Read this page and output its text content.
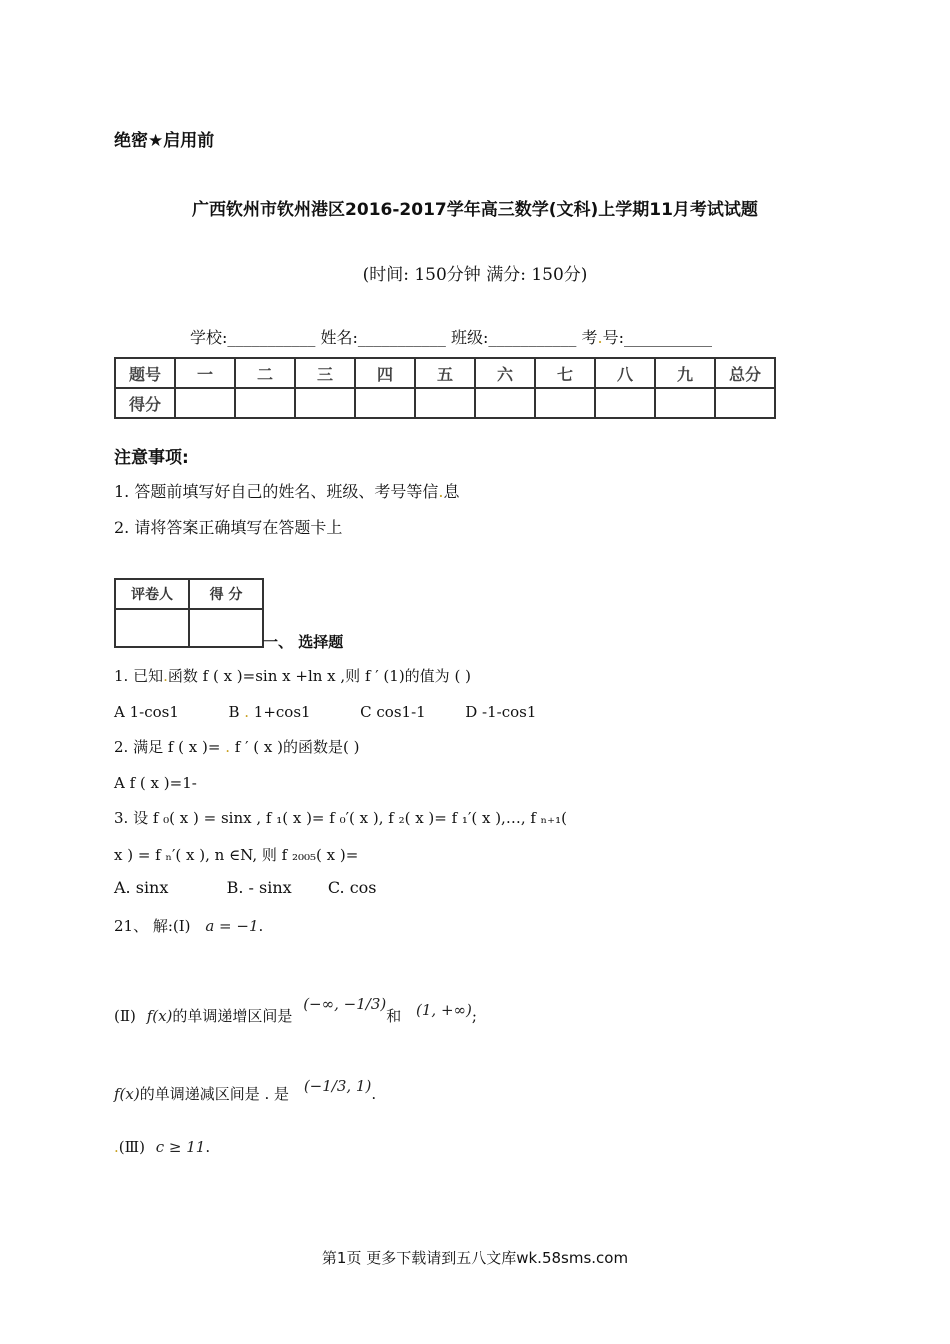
绝密★启用前
广西钦州市钦州港区2016-2017学年高三数学(文科)上学期11月考试试题
(时间: 150分钟 满分: 150分)
学校:___________ 姓名:___________ 班级:___________ 考.号:___________
题号	一	二	三	四	五	六	七	八	九	总分
得分										
注意事项:
1. 答题前填写好自己的姓名、班级、考号等信.息
2. 请将答案正确填写在答题卡上
评卷人	得 分

一、 选择题
1. 已知.函数 f ( x )=sin x +ln x ,则 f ′ (1)的值为 ( )
A 1-cos1	B . 1+cos1	C cos1-1	D -1-cos1
2. 满足 f ( x )= . f ′ ( x )的函数是( )
A f ( x )=1-
3. 设 f ₀( x ) = sinx , f ₁( x )= f ₀′( x ), f ₂( x )= f ₁′( x ),…, f ₙ₊₁(
x ) = f ₙ′( x ), n ∈N, 则 f ₂₀₀₅( x )=
A. sinx	B. - sinx C. cos
21、 解:(Ⅰ) a = −1.
(Ⅱ) f(x)的单调递增区间是 (−∞, −1/3)和 (1, +∞);
f(x)的单调递减区间是 . 是 (−1/3, 1).
.(Ⅲ) c ≥ 11.
第1页 更多下载请到五八文库wk.58sms.com
